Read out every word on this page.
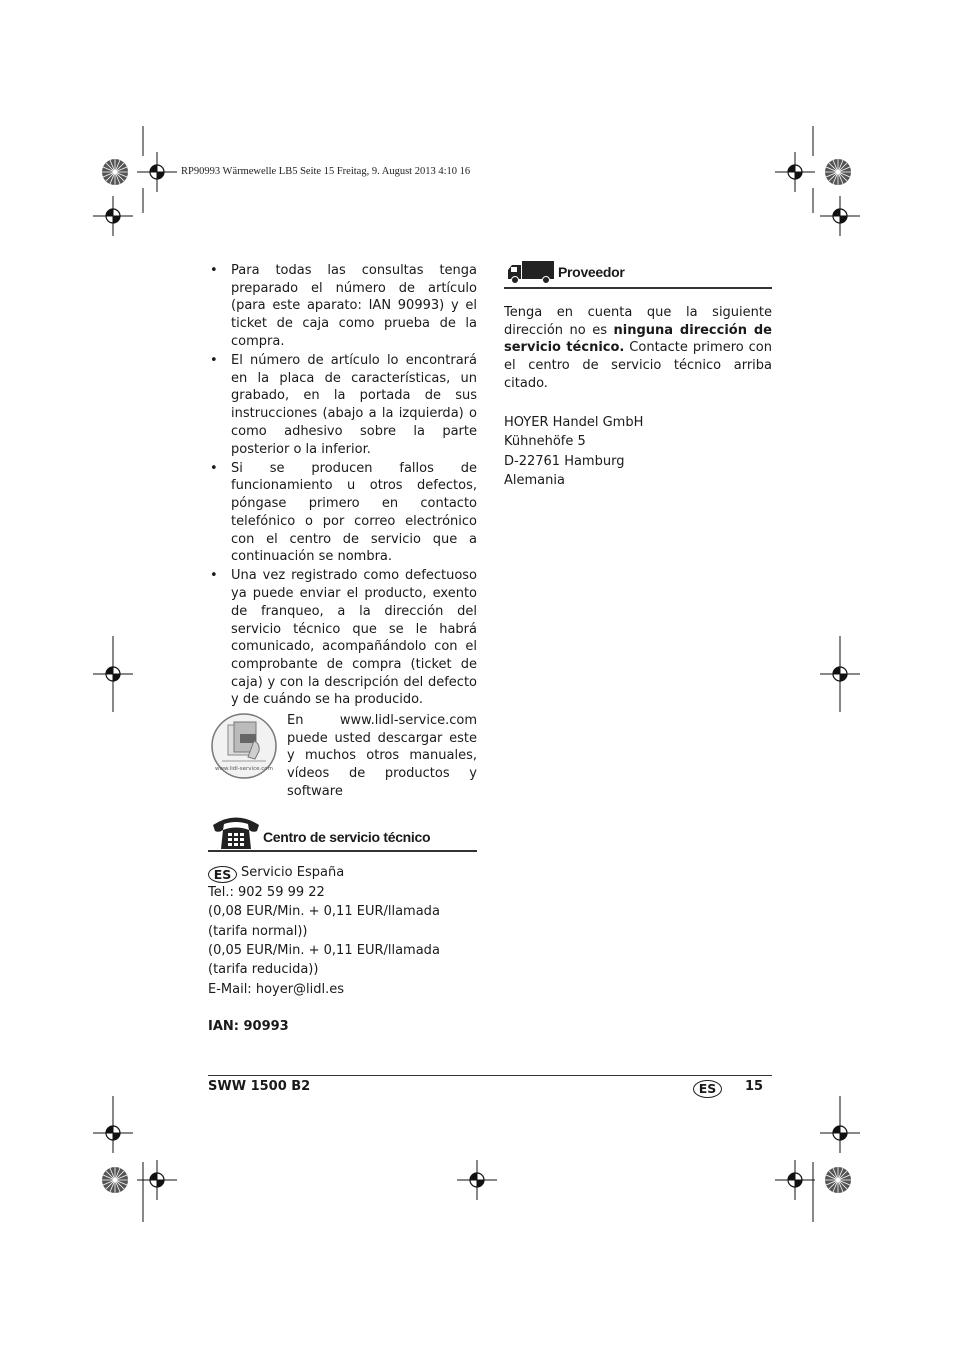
RP90993 Wärmewelle LB5 Seite 15 Freitag, 9. August 2013 4:10 16
• Para todas las consultas tenga preparado el número de artículo (para este aparato: IAN 90993) y el ticket de caja como prueba de la compra.
• El número de artículo lo encontrará en la placa de características, un grabado, en la portada de sus instrucciones (abajo a la izquierda) o como adhesivo sobre la parte posterior o la inferior.
• Si se producen fallos de funcionamiento u otros defectos, póngase primero en contacto telefónico o por correo electrónico con el centro de servicio que a continuación se nombra.
• Una vez registrado como defectuoso ya puede enviar el producto, exento de franqueo, a la dirección del servicio técnico que se le habrá comunicado, acompañándolo con el comprobante de compra (ticket de caja) y con la descripción del defecto y de cuándo se ha producido.
www.lidl-service.com
En www.lidl-service.com puede usted descargar este y muchos otros manuales, vídeos de productos y software
Centro de servicio técnico

ES Servicio España

Tel.: 902 59 99 22

(0,08 EUR/Min. + 0,11 EUR/llamada

(tarifa normal))

(0,05 EUR/Min. + 0,11 EUR/llamada

(tarifa reducida))

E-Mail: hoyer@lidl.es

IAN: 90993
Proveedor

Tenga en cuenta que la siguiente dirección no es ninguna dirección de servicio técnico. Contacte primero con el centro de servicio técnico arriba citado.

HOYER Handel GmbH

Kühnehöfe 5

D-22761 Hamburg

Alemania

SWW 1500 B2	ES	15
